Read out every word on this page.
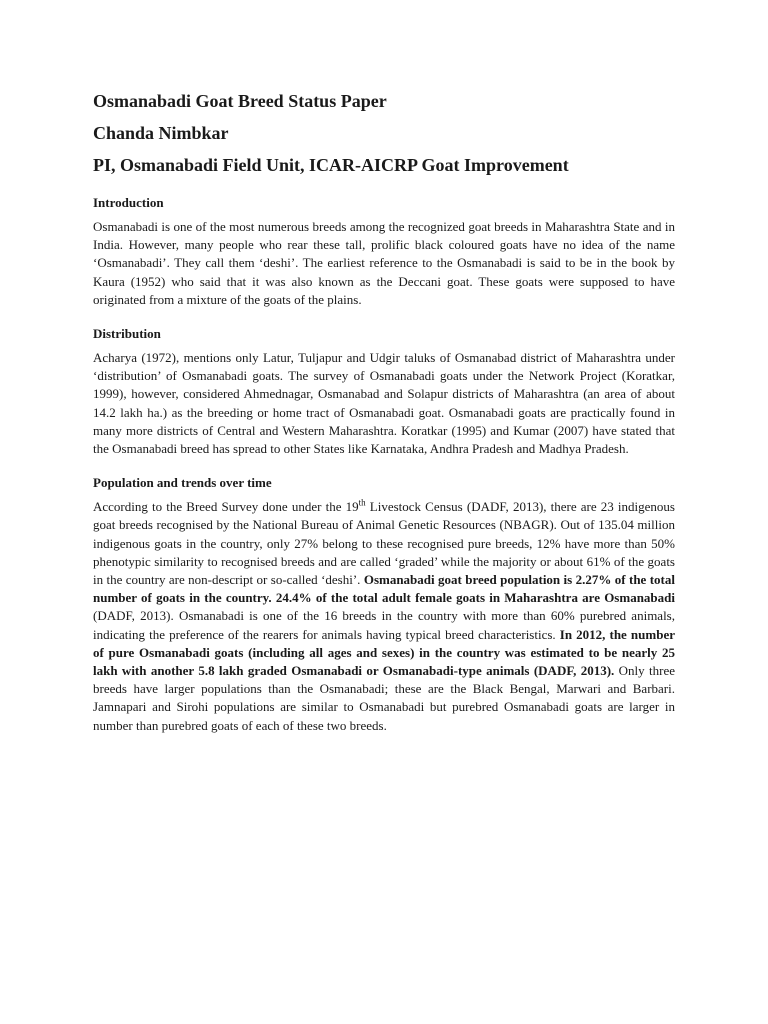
Osmanabadi Goat Breed Status Paper
Chanda Nimbkar
PI, Osmanabadi Field Unit, ICAR-AICRP Goat Improvement
Introduction

Osmanabadi is one of the most numerous breeds among the recognized goat breeds in Maharashtra State and in India. However, many people who rear these tall, prolific black coloured goats have no idea of the name ‘Osmanabadi’. They call them ‘deshi’. The earliest reference to the Osmanabadi is said to be in the book by Kaura (1952) who said that it was also known as the Deccani goat. These goats were supposed to have originated from a mixture of the goats of the plains.

Distribution

Acharya (1972), mentions only Latur, Tuljapur and Udgir taluks of Osmanabad district of Maharashtra under ‘distribution’ of Osmanabadi goats. The survey of Osmanabadi goats under the Network Project (Koratkar, 1999), however, considered Ahmednagar, Osmanabad and Solapur districts of Maharashtra (an area of about 14.2 lakh ha.) as the breeding or home tract of Osmanabadi goat. Osmanabadi goats are practically found in many more districts of Central and Western Maharashtra. Koratkar (1995) and Kumar (2007) have stated that the Osmanabadi breed has spread to other States like Karnataka, Andhra Pradesh and Madhya Pradesh.

Population and trends over time

According to the Breed Survey done under the 19th Livestock Census (DADF, 2013), there are 23 indigenous goat breeds recognised by the National Bureau of Animal Genetic Resources (NBAGR). Out of 135.04 million indigenous goats in the country, only 27% belong to these recognised pure breeds, 12% have more than 50% phenotypic similarity to recognised breeds and are called ‘graded’ while the majority or about 61% of the goats in the country are non-descript or so-called ‘deshi’. Osmanabadi goat breed population is 2.27% of the total number of goats in the country. 24.4% of the total adult female goats in Maharashtra are Osmanabadi (DADF, 2013). Osmanabadi is one of the 16 breeds in the country with more than 60% purebred animals, indicating the preference of the rearers for animals having typical breed characteristics. In 2012, the number of pure Osmanabadi goats (including all ages and sexes) in the country was estimated to be nearly 25 lakh with another 5.8 lakh graded Osmanabadi or Osmanabadi-type animals (DADF, 2013). Only three breeds have larger populations than the Osmanabadi; these are the Black Bengal, Marwari and Barbari. Jamnapari and Sirohi populations are similar to Osmanabadi but purebred Osmanabadi goats are larger in number than purebred goats of each of these two breeds.
